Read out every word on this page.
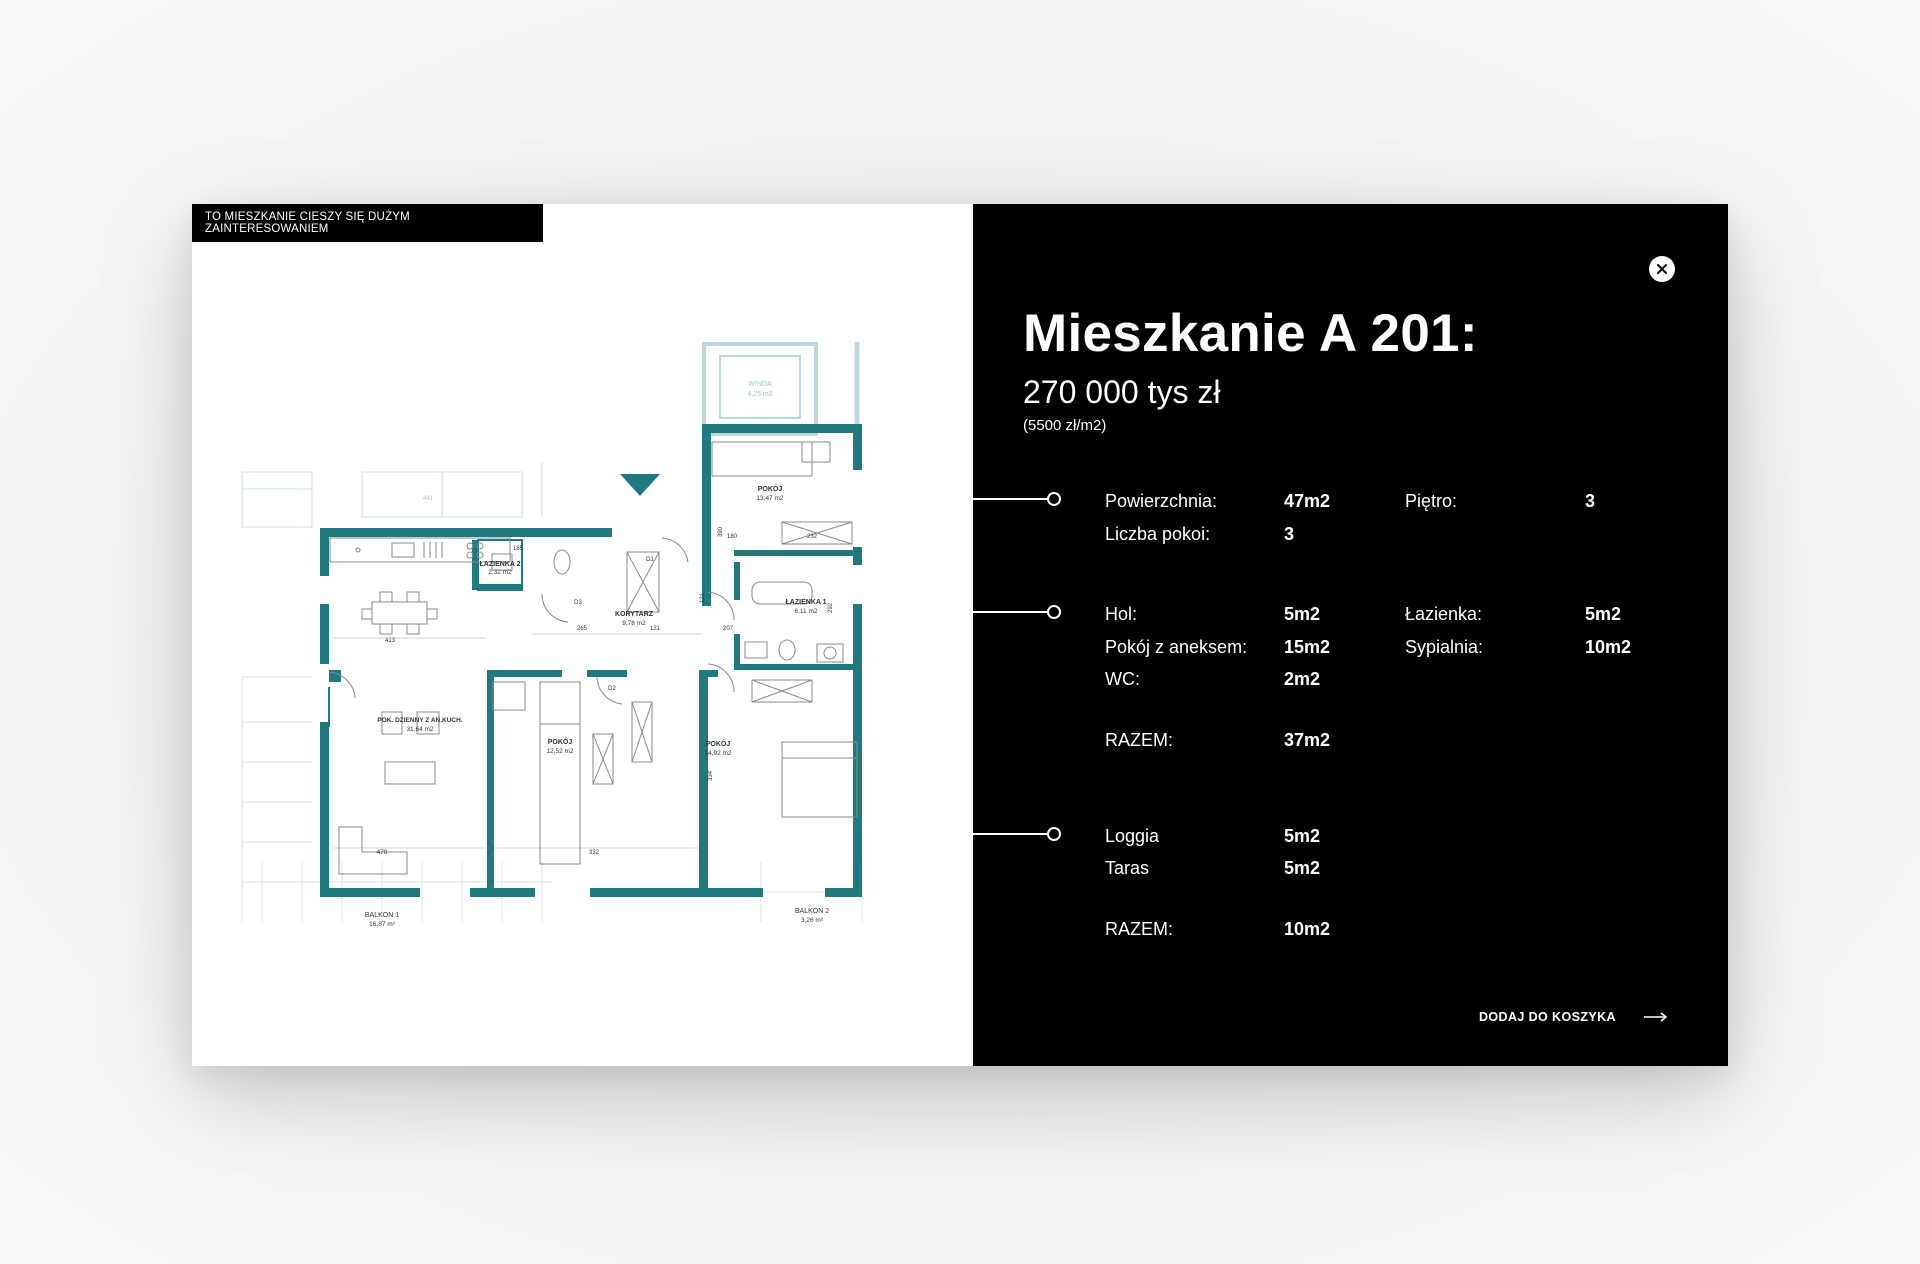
TO MIESZKANIE CIESZY SIĘ DUŻYM ZAINTERESOWANIEM
WINDA
4,25 m2
POKÓJ
13,47 m2
ŁAZIENKA 2
2,32 m2
KORYTARZ
9,78 m2
ŁAZIENKA 1
6,11 m2
POK. DZIENNY Z AN.KUCH.
31,64 m2
POKÓJ
12,52 m2
POKÓJ
14,92 m2
470
BALKON 1
16,87 m²
BALKON 2
3,26 m²
D1
D2
D3
413
265	131	207
332
180
185
232
441
390
292
334
121
Mieszkanie A 201:
270 000 tys zł
(5500 zł/m2)
Powierzchnia:	47m2	Piętro:	3
Liczba pokoi:	3
Hol:	5m2	Łazienka:	5m2
Pokój z aneksem: 15m2	Sypialnia:	10m2
WC:	2m2
RAZEM:	37m2
Loggia	5m2
Taras	5m2
RAZEM:	10m2
DODAJ DO KOSZYKA
